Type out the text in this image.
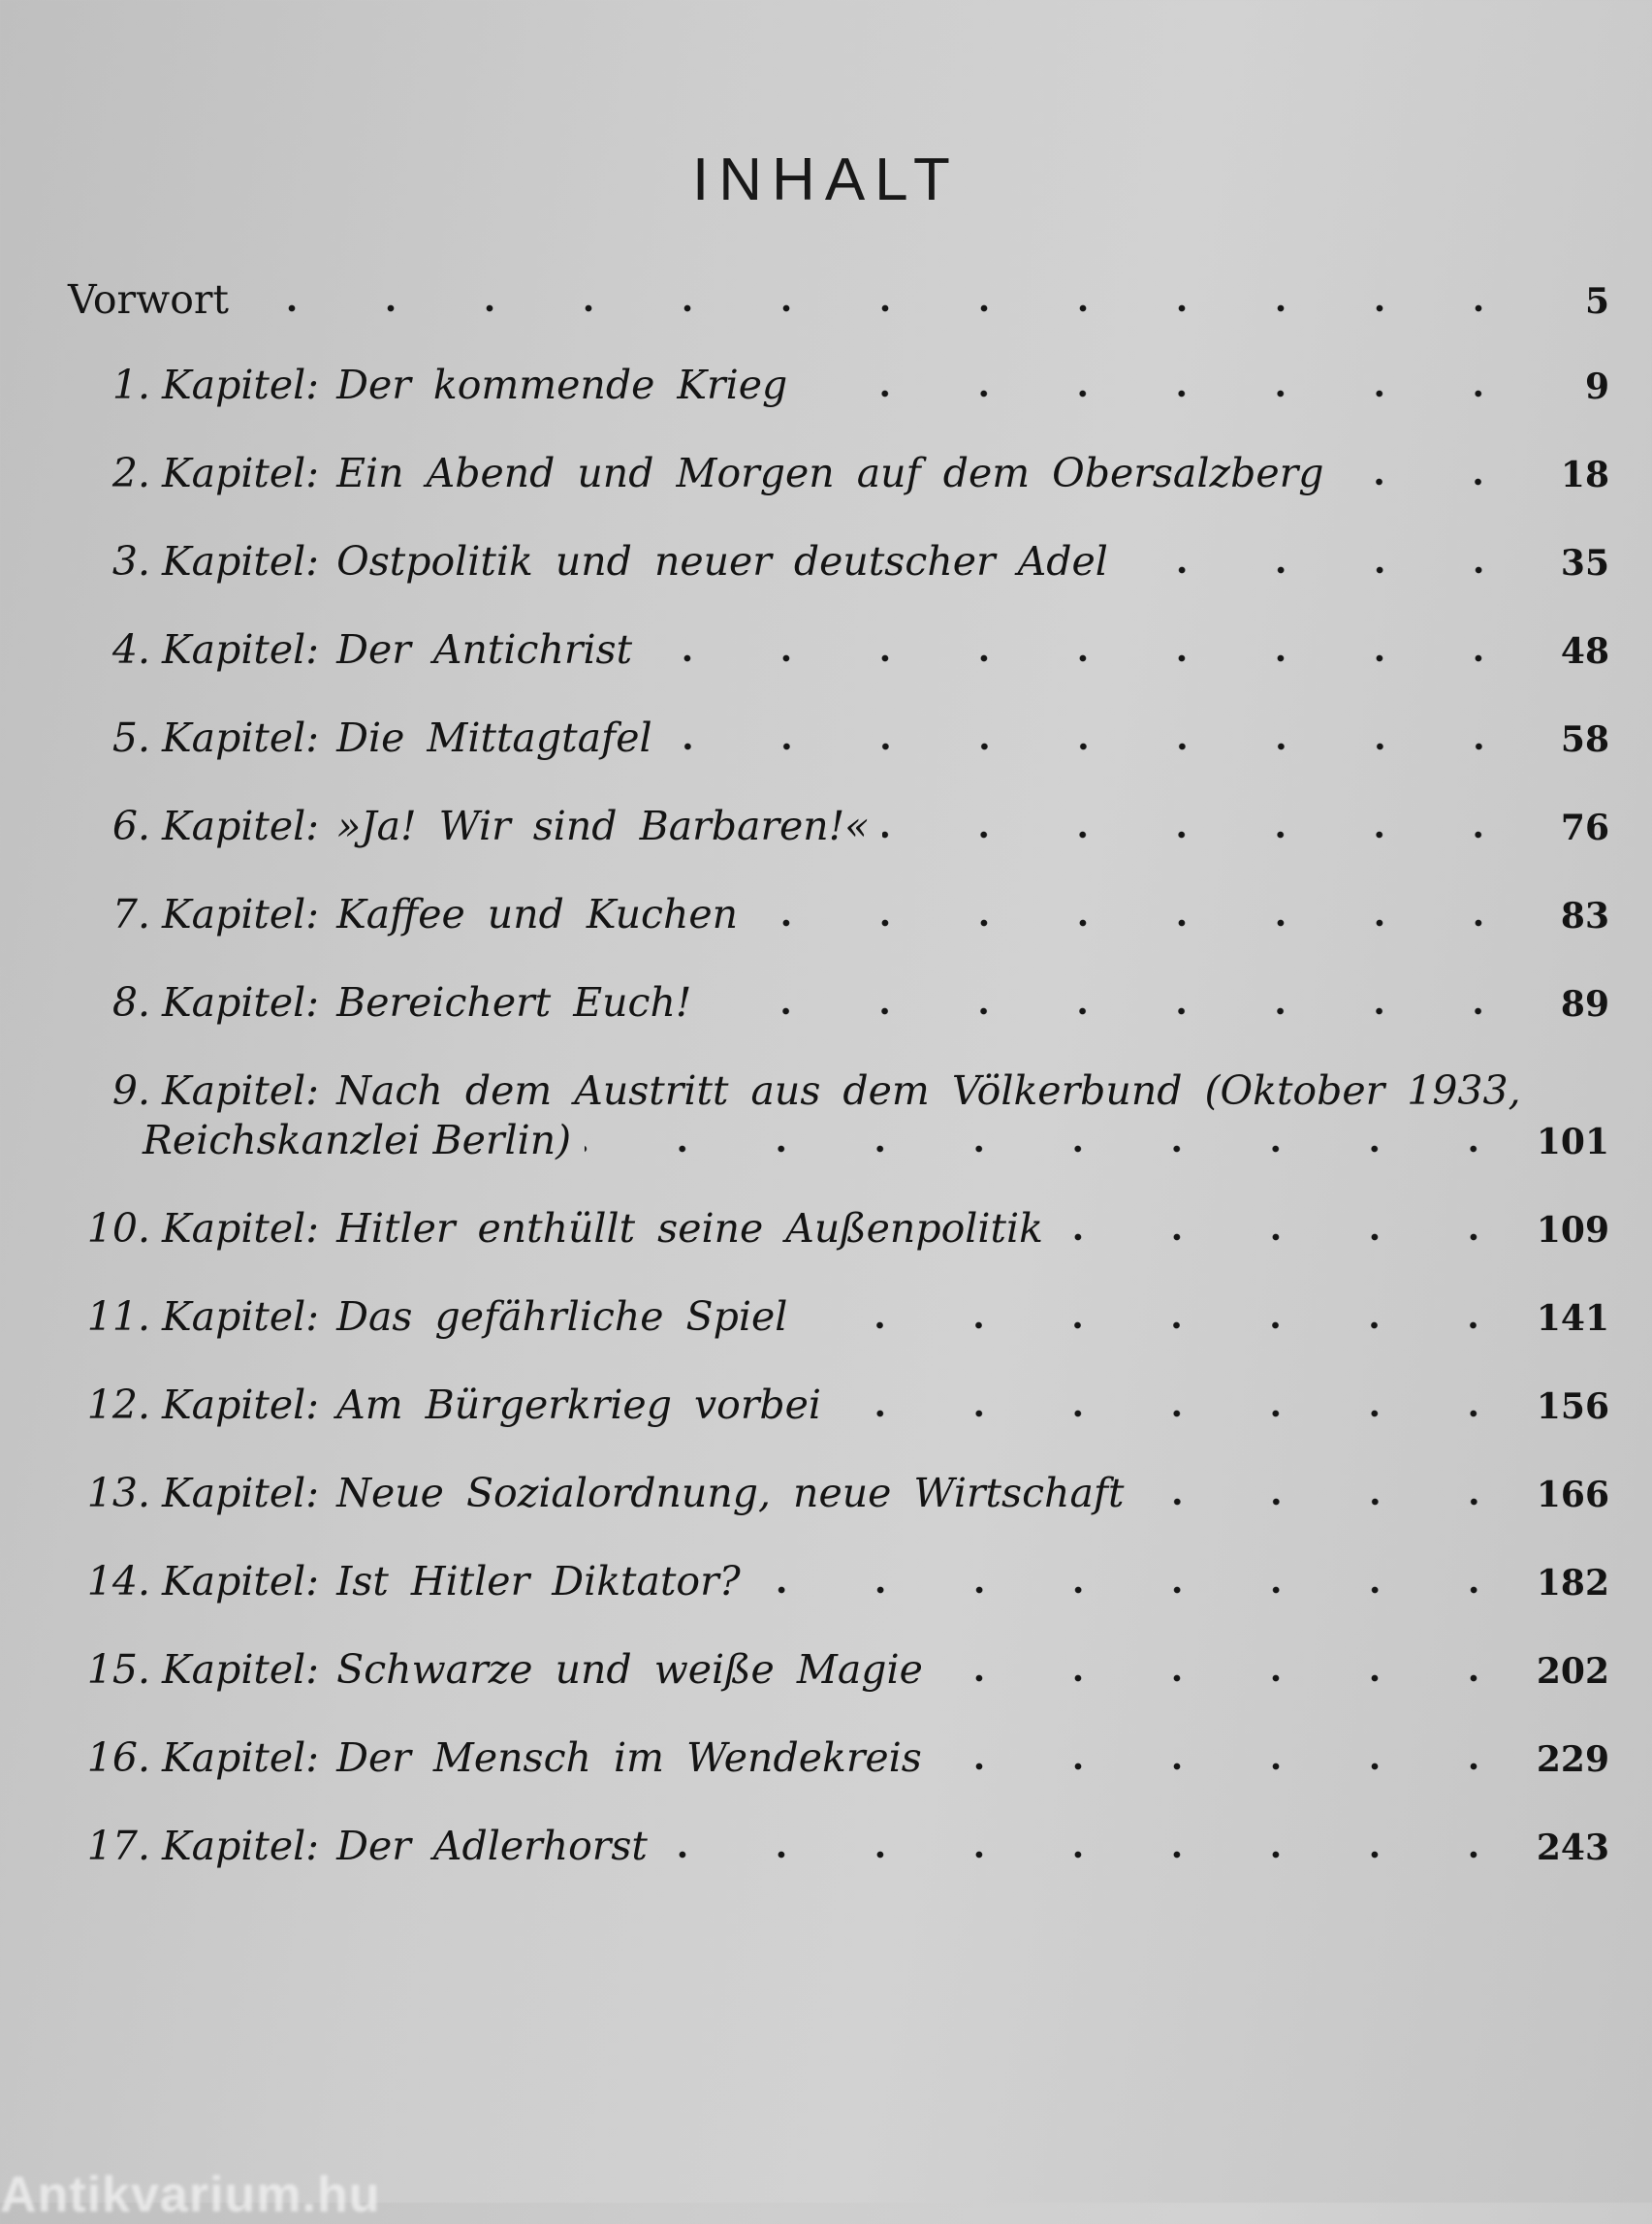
INHALT
Vorwort	5
1. Kapitel: Der kommende Krieg	9
2. Kapitel: Ein Abend und Morgen auf dem Obersalzberg	18
3. Kapitel: Ostpolitik und neuer deutscher Adel	35
4. Kapitel: Der Antichrist	48
5. Kapitel: Die Mittagtafel	58
6. Kapitel: »Ja! Wir sind Barbaren!«	76
7. Kapitel: Kaffee und Kuchen	83
8. Kapitel: Bereichert Euch!	89
9. Kapitel: Nach dem Austritt aus dem Völkerbund (Oktober 1933,
Reichskanzlei Berlin)	101
10. Kapitel: Hitler enthüllt seine Außenpolitik	109
11. Kapitel: Das gefährliche Spiel	141
12. Kapitel: Am Bürgerkrieg vorbei	156
13. Kapitel: Neue Sozialordnung, neue Wirtschaft	166
14. Kapitel: Ist Hitler Diktator?	182
15. Kapitel: Schwarze und weiße Magie	202
16. Kapitel: Der Mensch im Wendekreis	229
17. Kapitel: Der Adlerhorst	243
Antikvarium.hu
